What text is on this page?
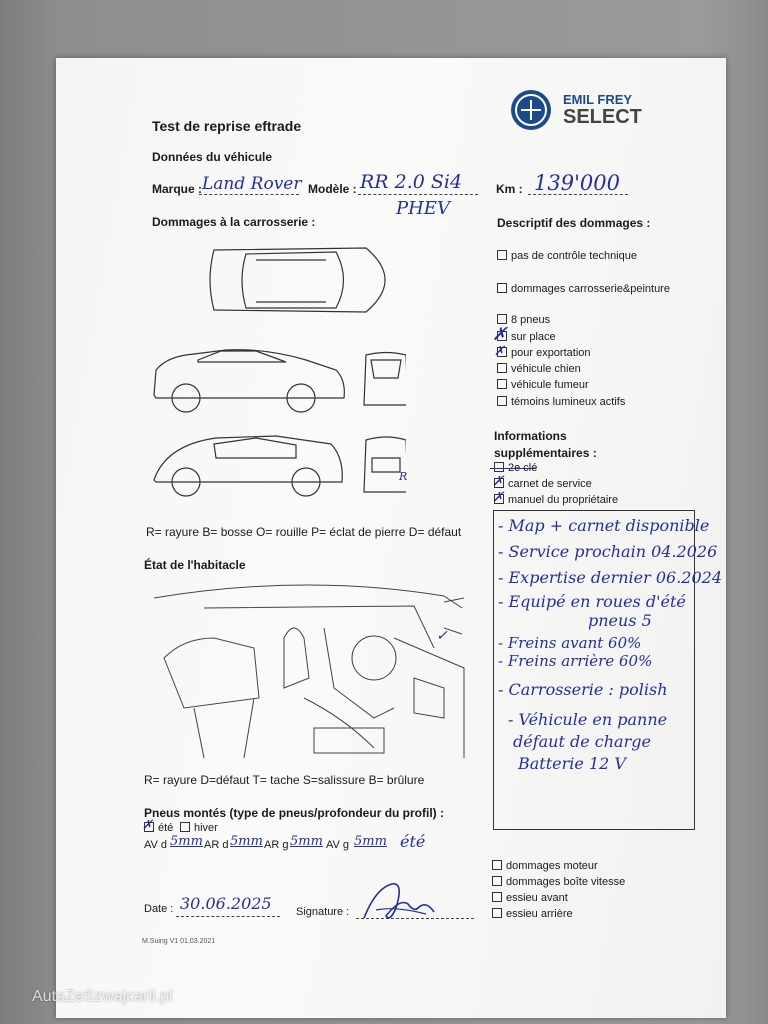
Test de reprise eftrade
EMIL FREY
SELECT
Données du véhicule
Marque : Land Rover Modèle : RR 2.0 Si4
PHEV
Km : 139'000
Dommages à la carrosserie :
R
R= rayure B= bosse O= rouille P= éclat de pierre D= défaut
Descriptif des dommages :
pas de contrôle technique
dommages carrosserie&peinture
8 pneus
sur place
pour exportation
véhicule chien
véhicule fumeur
témoins lumineux actifs
✗
✗
Informations supplémentaires :
2e clé
carnet de service
manuel du propriétaire
✗
✗
- Map + carnet disponible
- Service prochain 04.2026
- Expertise dernier 06.2024
- Equipé en roues d'été
pneus 5
- Freins avant 60%
- Freins arrière 60%
- Carrosserie : polish
- Véhicule en panne
défaut de charge
Batterie 12 V
État de l'habitacle
✓
R= rayure D=défaut T= tache S=salissure B= brûlure
Pneus montés (type de pneus/profondeur du profil) :
été	hiver
✗
AV d 5mm AR d 5mm AR g 5mm AV g 5mm été
dommages moteur
dommages boîte vitesse
essieu avant
essieu arrière
Date : 30.06.2025 Signature :
M.Suing V1 01.03.2021
AutaZeSzwajcarii.pl
